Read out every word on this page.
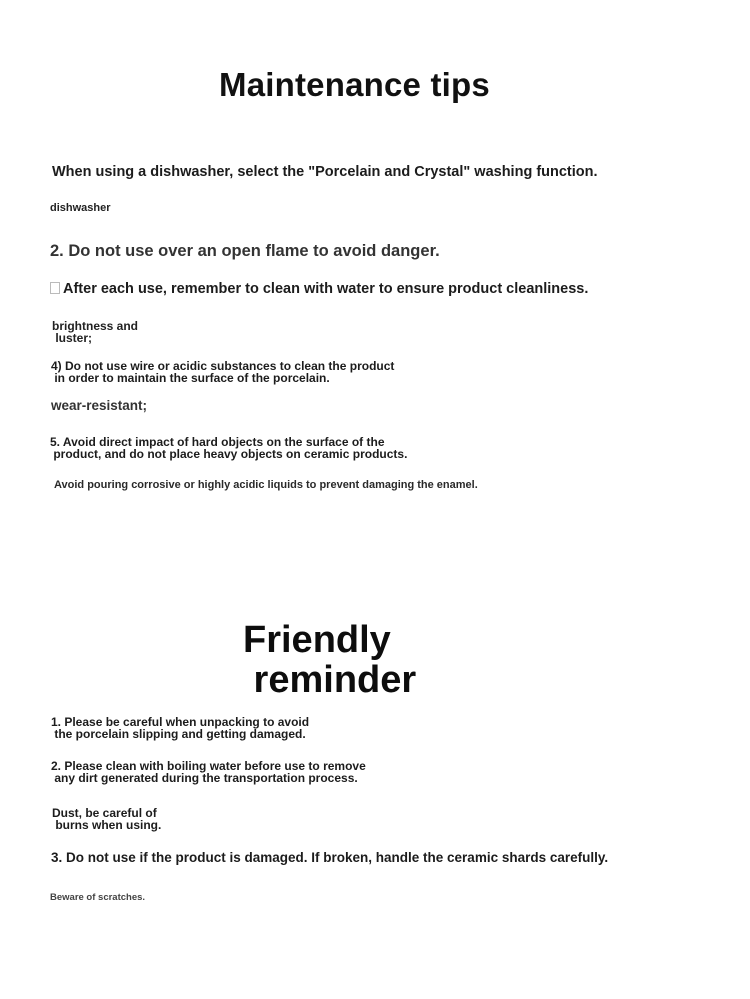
Maintenance tips
When using a dishwasher, select the "Porcelain and Crystal" washing function.
dishwasher
2. Do not use over an open flame to avoid danger.
After each use, remember to clean with water to ensure product cleanliness.
brightness and
luster;
4) Do not use wire or acidic substances to clean the product
in order to maintain the surface of the porcelain.
wear-resistant;
5. Avoid direct impact of hard objects on the surface of the
product, and do not place heavy objects on ceramic products.
Avoid pouring corrosive or highly acidic liquids to prevent damaging the enamel.
Friendly
reminder
1. Please be careful when unpacking to avoid
the porcelain slipping and getting damaged.
2. Please clean with boiling water before use to remove
any dirt generated during the transportation process.
Dust, be careful of
burns when using.
3. Do not use if the product is damaged. If broken, handle the ceramic shards carefully.
Beware of scratches.
